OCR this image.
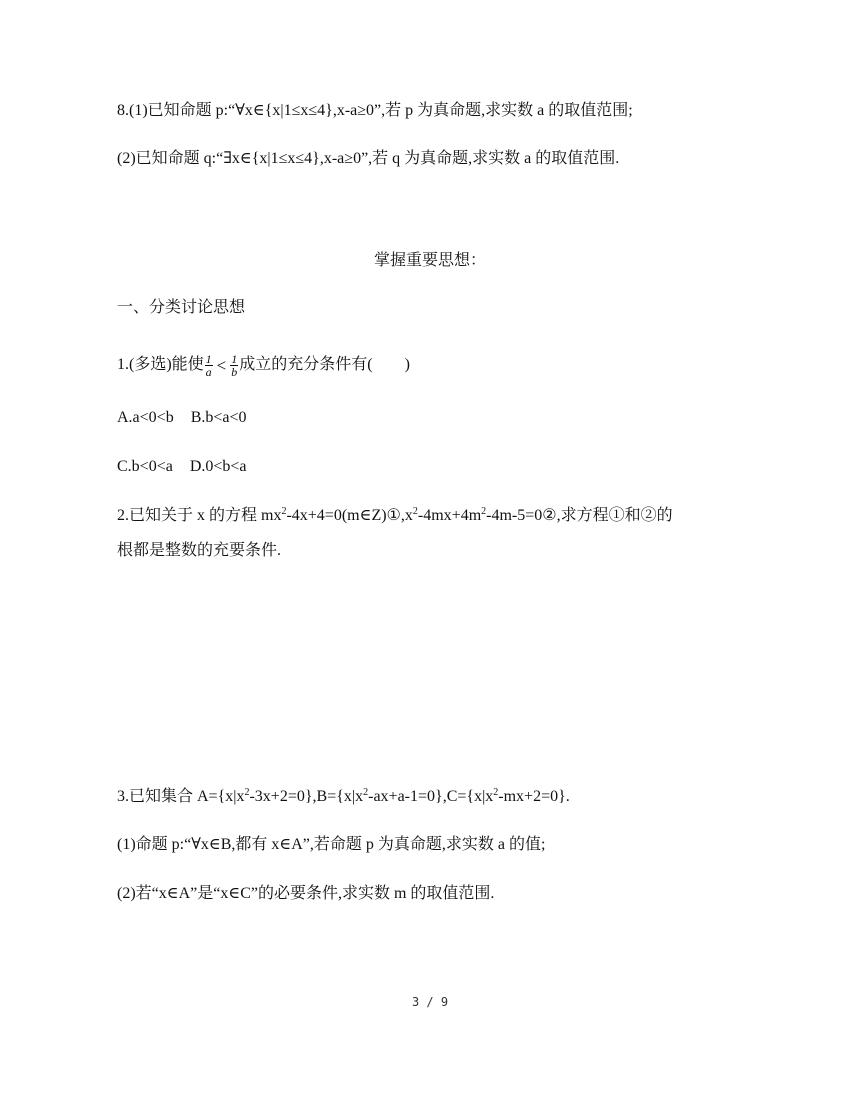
8.(1)已知命题 p:“∀x∈{x|1≤x≤4},x-a≥0”,若 p 为真命题,求实数 a 的取值范围;
(2)已知命题 q:“∃x∈{x|1≤x≤4},x-a≥0”,若 q 为真命题,求实数 a 的取值范围.
掌握重要思想：
一、分类讨论思想
1.(多选)能使 $\frac{1}{a} < \frac{1}{b}$ 成立的充分条件有(        )
A.a<0<b B.b<a<0
C.b<0<a D.0<b<a
2.已知关于 x 的方程 $mx^2-4x+4=0(m\in Z)①,x^2-4mx+4m^2-4m-5=0②$,求方程①和②的
根都是整数的充要条件.
3.已知集合 $A=\{x|x^2-3x+2=0\},B=\{x|x^2-ax+a-1=0\},C=\{x|x^2-mx+2=0\}$.
(1)命题 p:“∀x∈B,都有 x∈A”,若命题 p 为真命题,求实数 a 的值;
(2)若“x∈A”是“x∈C”的必要条件,求实数 m 的取值范围.
3 / 9
